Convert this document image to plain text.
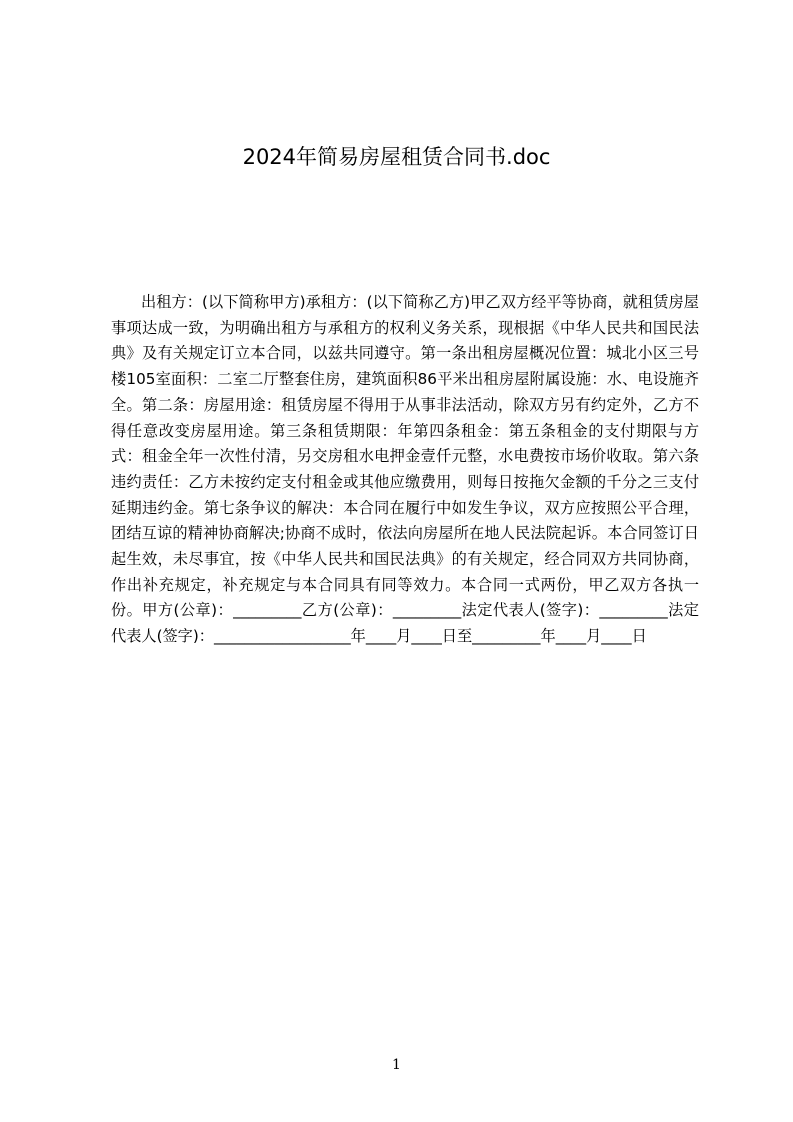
2024年简易房屋租赁合同书.doc

出租方：(以下简称甲方)承租方：(以下简称乙方)甲乙双方经平等协商，就租赁房屋事项达成一致，为明确出租方与承租方的权利义务关系，现根据《中华人民共和国民法典》及有关规定订立本合同，以兹共同遵守。第一条出租房屋概况位置：城北小区三号楼105室面积：二室二厅整套住房，建筑面积86平米出租房屋附属设施：水、电设施齐全。第二条：房屋用途：租赁房屋不得用于从事非法活动，除双方另有约定外，乙方不得任意改变房屋用途。第三条租赁期限：年第四条租金：第五条租金的支付期限与方式：租金全年一次性付清，另交房租水电押金壹仟元整，水电费按市场价收取。第六条违约责任：乙方未按约定支付租金或其他应缴费用，则每日按拖欠金额的千分之三支付延期违约金。第七条争议的解决：本合同在履行中如发生争议，双方应按照公平合理，团结互谅的精神协商解决;协商不成时，依法向房屋所在地人民法院起诉。本合同签订日起生效，未尽事宜，按《中华人民共和国民法典》的有关规定，经合同双方共同协商，作出补充规定，补充规定与本合同具有同等效力。本合同一式两份，甲乙双方各执一份。甲方(公章)：_________乙方(公章)：_________法定代表人(签字)：_________法定代表人(签字)：__________________年____月____日至_________年____月____日

1
